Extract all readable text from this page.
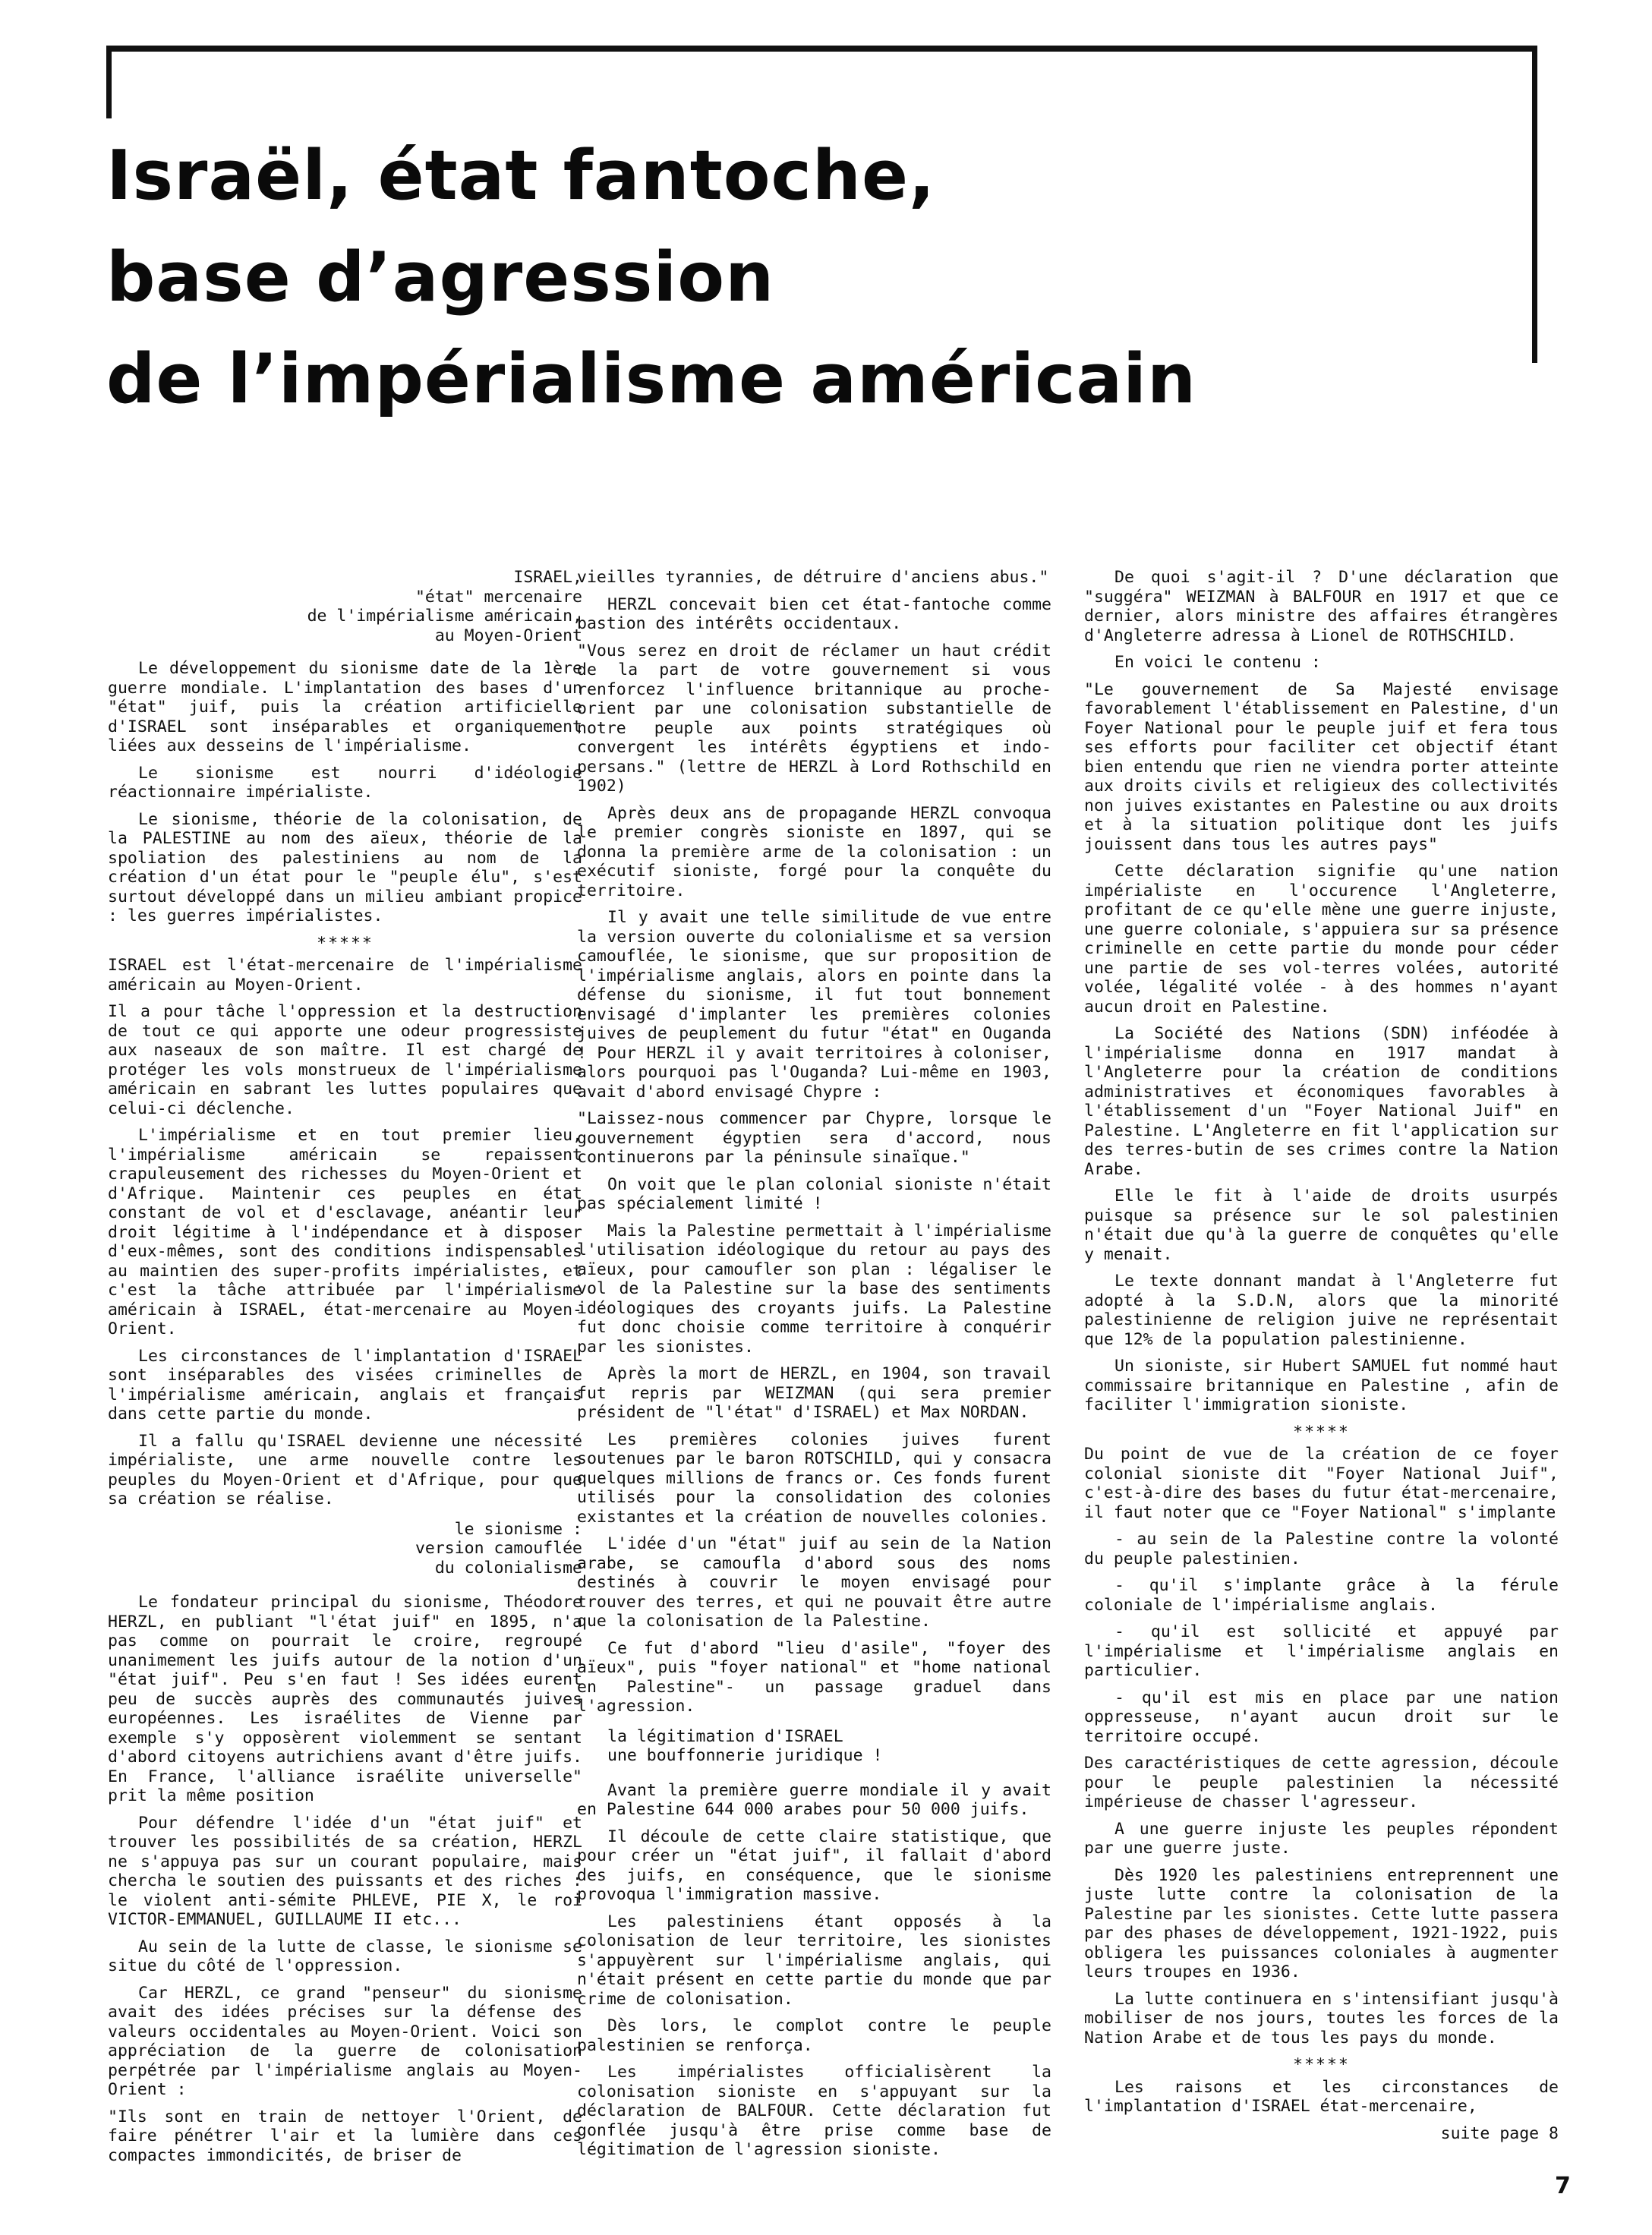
Israël, état fantoche,
base d’agression
de l’impérialisme américain
ISRAEL,
"état" mercenaire
de l'impérialisme américain,
au Moyen-Orient

Le développement du sionisme date de la 1ère guerre mondiale. L'implantation des bases d'un "état" juif, puis la création artificielle d'ISRAEL sont inséparables et organiquement liées aux desseins de l'impérialisme.

Le sionisme est nourri d'idéologie réactionnaire impérialiste.

Le sionisme, théorie de la colonisation, de la PALESTINE au nom des aïeux, théorie de la spoliation des palestiniens au nom de la création d'un état pour le "peuple élu", s'est surtout développé dans un milieu ambiant propice : les guerres impérialistes.

*****

ISRAEL est l'état-mercenaire de l'impérialisme américain au Moyen-Orient.

Il a pour tâche l'oppression et la destruction de tout ce qui apporte une odeur progressiste aux naseaux de son maître. Il est chargé de protéger les vols monstrueux de l'impérialisme américain en sabrant les luttes populaires que celui-ci déclenche.

L'impérialisme et en tout premier lieu, l'impérialisme américain se repaissent crapuleusement des richesses du Moyen-Orient et d'Afrique. Maintenir ces peuples en état constant de vol et d'esclavage, anéantir leur droit légitime à l'indépendance et à disposer d'eux-mêmes, sont des conditions indispensables au maintien des super-profits impérialistes, et c'est la tâche attribuée par l'impérialisme américain à ISRAEL, état-mercenaire au Moyen-Orient.

Les circonstances de l'implantation d'ISRAEL sont inséparables des visées criminelles de l'impérialisme américain, anglais et français dans cette partie du monde.

Il a fallu qu'ISRAEL devienne une nécessité impérialiste, une arme nouvelle contre les peuples du Moyen-Orient et d'Afrique, pour que sa création se réalise.

le sionisme :
version camouflée
du colonialisme

Le fondateur principal du sionisme, Théodore HERZL, en publiant "l'état juif" en 1895, n'a pas comme on pourrait le croire, regroupé unanimement les juifs autour de la notion d'un "état juif". Peu s'en faut ! Ses idées eurent peu de succès auprès des communautés juives européennes. Les israélites de Vienne par exemple s'y opposèrent violemment se sentant d'abord citoyens autrichiens avant d'être juifs. En France, l'alliance israélite universelle" prit la même position

Pour défendre l'idée d'un "état juif" et trouver les possibilités de sa création, HERZL ne s'appuya pas sur un courant populaire, mais chercha le soutien des puissants et des riches : le violent anti-sémite PHLEVE, PIE X, le roi VICTOR-EMMANUEL, GUILLAUME II etc...

Au sein de la lutte de classe, le sionisme se situe du côté de l'oppression.

Car HERZL, ce grand "penseur" du sionisme avait des idées précises sur la défense des valeurs occidentales au Moyen-Orient. Voici son appréciation de la guerre de colonisation perpétrée par l'impérialisme anglais au Moyen-Orient :

"Ils sont en train de nettoyer l'Orient, de faire pénétrer l'air et la lumière dans ces compactes immondicités, de briser de

vieilles tyrannies, de détruire d'anciens abus."

HERZL concevait bien cet état-fantoche comme bastion des intérêts occidentaux.

"Vous serez en droit de réclamer un haut crédit de la part de votre gouvernement si vous renforcez l'influence britannique au proche-orient par une colonisation substantielle de notre peuple aux points stratégiques où convergent les intérêts égyptiens et indo-persans." (lettre de HERZL à Lord Rothschild en 1902)

Après deux ans de propagande HERZL convoqua le premier congrès sioniste en 1897, qui se donna la première arme de la colonisation : un exécutif sioniste, forgé pour la conquête du territoire.

Il y avait une telle similitude de vue entre la version ouverte du colonialisme et sa version camouflée, le sionisme, que sur proposition de l'impérialisme anglais, alors en pointe dans la défense du sionisme, il fut tout bonnement envisagé d'implanter les premières colonies juives de peuplement du futur "état" en Ouganda ! Pour HERZL il y avait territoires à coloniser, alors pourquoi pas l'Ouganda? Lui-même en 1903, avait d'abord envisagé Chypre :

"Laissez-nous commencer par Chypre, lorsque le gouvernement égyptien sera d'accord, nous continuerons par la péninsule sinaïque."

On voit que le plan colonial sioniste n'était pas spécialement limité !

Mais la Palestine permettait à l'impérialisme l'utilisation idéologique du retour au pays des aïeux, pour camoufler son plan : légaliser le vol de la Palestine sur la base des sentiments idéologiques des croyants juifs. La Palestine fut donc choisie comme territoire à conquérir par les sionistes.

Après la mort de HERZL, en 1904, son travail fut repris par WEIZMAN (qui sera premier président de "l'état" d'ISRAEL) et Max NORDAN.

Les premières colonies juives furent soutenues par le baron ROTSCHILD, qui y consacra quelques millions de francs or. Ces fonds furent utilisés pour la consolidation des colonies existantes et la création de nouvelles colonies.

L'idée d'un "état" juif au sein de la Nation arabe, se camoufla d'abord sous des noms destinés à couvrir le moyen envisagé pour trouver des terres, et qui ne pouvait être autre que la colonisation de la Palestine.

Ce fut d'abord "lieu d'asile", "foyer des aïeux", puis "foyer national" et "home national en Palestine"- un passage graduel dans l'agression.

la légitimation d'ISRAEL
une bouffonnerie juridique !

Avant la première guerre mondiale il y avait en Palestine 644 000 arabes pour 50 000 juifs.

Il découle de cette claire statistique, que pour créer un "état juif", il fallait d'abord des juifs, en conséquence, que le sionisme provoqua l'immigration massive.

Les palestiniens étant opposés à la colonisation de leur territoire, les sionistes s'appuyèrent sur l'impérialisme anglais, qui n'était présent en cette partie du monde que par crime de colonisation.

Dès lors, le complot contre le peuple palestinien se renforça.

Les impérialistes officialisèrent la colonisation sioniste en s'appuyant sur la déclaration de BALFOUR. Cette déclaration fut gonflée jusqu'à être prise comme base de légitimation de l'agression sioniste.

De quoi s'agit-il ? D'une déclaration que "suggéra" WEIZMAN à BALFOUR en 1917 et que ce dernier, alors ministre des affaires étrangères d'Angleterre adressa à Lionel de ROTHSCHILD.

En voici le contenu :

"Le gouvernement de Sa Majesté envisage favorablement l'établissement en Palestine, d'un Foyer National pour le peuple juif et fera tous ses efforts pour faciliter cet objectif étant bien entendu que rien ne viendra porter atteinte aux droits civils et religieux des collectivités non juives existantes en Palestine ou aux droits et à la situation politique dont les juifs jouissent dans tous les autres pays"

Cette déclaration signifie qu'une nation impérialiste en l'occurence l'Angleterre, profitant de ce qu'elle mène une guerre injuste, une guerre coloniale, s'appuiera sur sa présence criminelle en cette partie du monde pour céder une partie de ses vol-terres volées, autorité volée, légalité volée - à des hommes n'ayant aucun droit en Palestine.

La Société des Nations (SDN) inféodée à l'impérialisme donna en 1917 mandat à l'Angleterre pour la création de conditions administratives et économiques favorables à l'établissement d'un "Foyer National Juif" en Palestine. L'Angleterre en fit l'application sur des terres-butin de ses crimes contre la Nation Arabe.

Elle le fit à l'aide de droits usurpés puisque sa présence sur le sol palestinien n'était due qu'à la guerre de conquêtes qu'elle y menait.

Le texte donnant mandat à l'Angleterre fut adopté à la S.D.N, alors que la minorité palestinienne de religion juive ne représentait que 12% de la population palestinienne.

Un sioniste, sir Hubert SAMUEL fut nommé haut commissaire britannique en Palestine , afin de faciliter l'immigration sioniste.

*****

Du point de vue de la création de ce foyer colonial sioniste dit "Foyer National Juif", c'est-à-dire des bases du futur état-mercenaire, il faut noter que ce "Foyer National" s'implante

- au sein de la Palestine contre la volonté du peuple palestinien.

- qu'il s'implante grâce à la férule coloniale de l'impérialisme anglais.

- qu'il est sollicité et appuyé par l'impérialisme et l'impérialisme anglais en particulier.

- qu'il est mis en place par une nation oppresseuse, n'ayant aucun droit sur le territoire occupé.

Des caractéristiques de cette agression, découle pour le peuple palestinien la nécessité impérieuse de chasser l'agresseur.

A une guerre injuste les peuples répondent par une guerre juste.

Dès 1920 les palestiniens entreprennent une juste lutte contre la colonisation de la Palestine par les sionistes. Cette lutte passera par des phases de développement, 1921-1922, puis obligera les puissances coloniales à augmenter leurs troupes en 1936.

La lutte continuera en s'intensifiant jusqu'à mobiliser de nos jours, toutes les forces de la Nation Arabe et de tous les pays du monde.

*****

Les raisons et les circonstances de l'implantation d'ISRAEL état-mercenaire,

suite page 8
7
